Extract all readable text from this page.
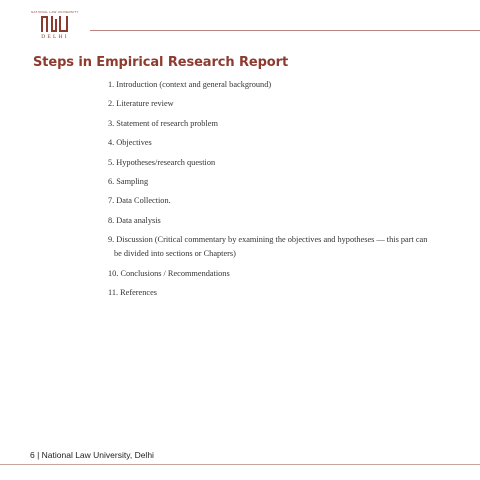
NATIONAL LAW UNIVERSITY
DELHI
Steps in Empirical Research Report
1. Introduction (context and general background)
2. Literature review
3. Statement of research problem
4. Objectives
5. Hypotheses/research question
6. Sampling
7. Data Collection.
8. Data analysis
9. Discussion (Critical commentary by examining the objectives and hypotheses — this part can
be divided into sections or Chapters)
10. Conclusions / Recommendations
11. References
6 | National Law University, Delhi
